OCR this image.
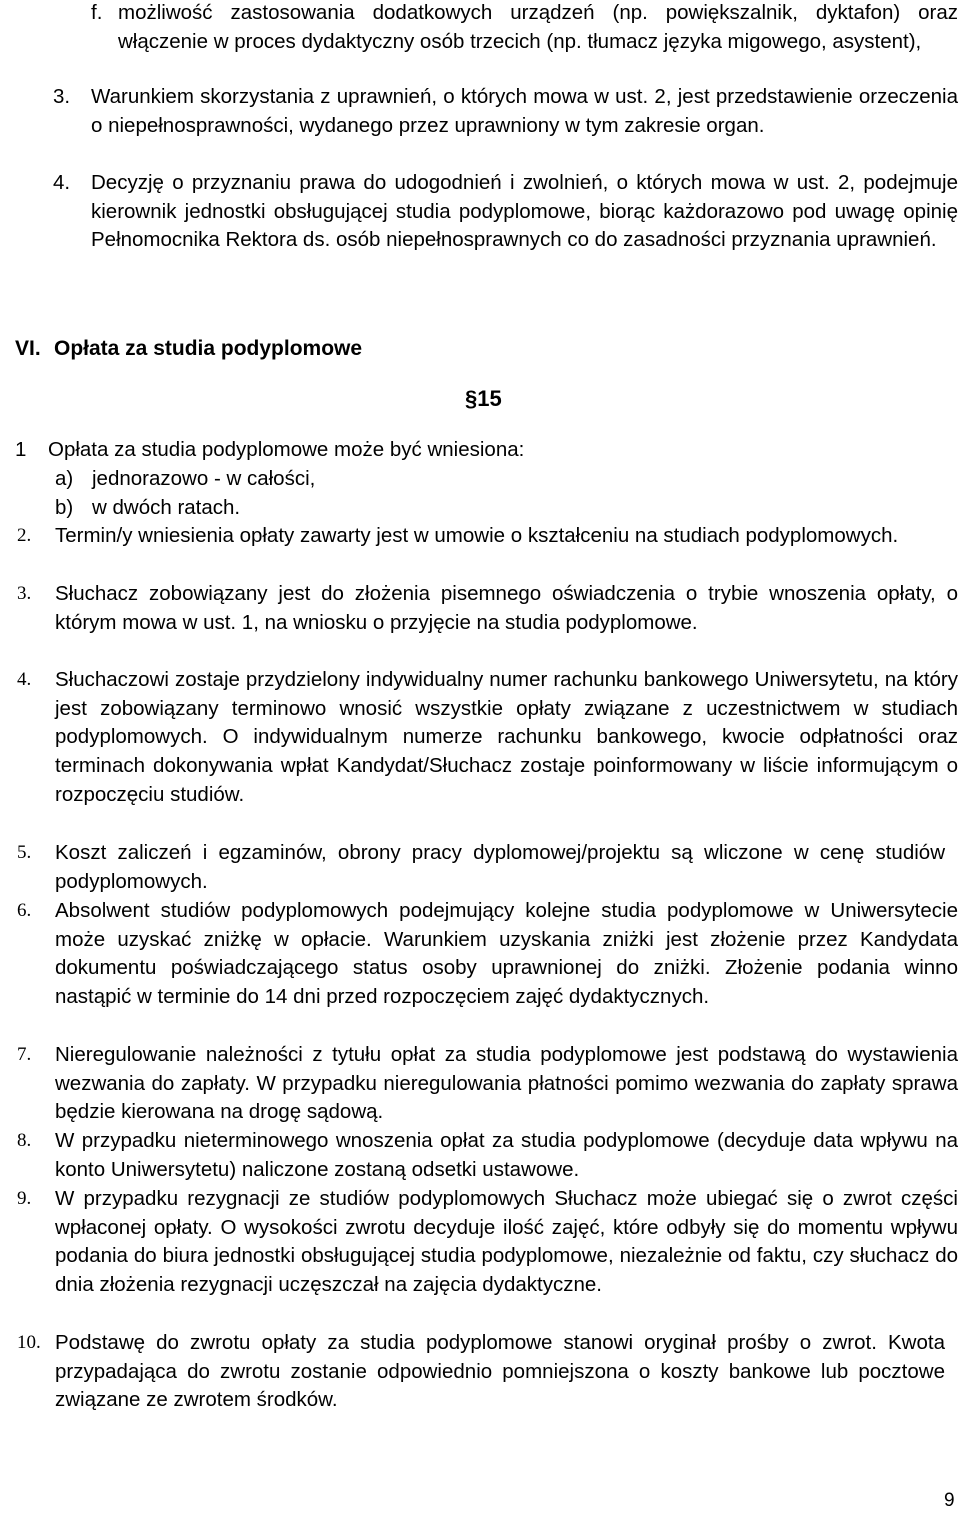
f. możliwość zastosowania dodatkowych urządzeń (np. powiększalnik, dyktafon) oraz włączenie w proces dydaktyczny osób trzecich (np. tłumacz języka migowego, asystent),

3. Warunkiem skorzystania z uprawnień, o których mowa w ust. 2, jest przedstawienie orzeczenia o niepełnosprawności, wydanego przez uprawniony w tym zakresie organ.

4. Decyzję o przyznaniu prawa do udogodnień i zwolnień, o których mowa w ust. 2, podejmuje kierownik jednostki obsługującej studia podyplomowe, biorąc każdorazowo pod uwagę opinię Pełnomocnika Rektora ds. osób niepełnosprawnych co do zasadności przyznania uprawnień.

VI. Opłata za studia podyplomowe
§15
1 Opłata za studia podyplomowe może być wniesiona:

a) jednorazowo - w całości,

b) w dwóch ratach.

2. Termin/y wniesienia opłaty zawarty jest w umowie o kształceniu na studiach podyplomowych.

3. Słuchacz zobowiązany jest do złożenia pisemnego oświadczenia o trybie wnoszenia opłaty, o którym mowa w ust. 1, na wniosku o przyjęcie na studia podyplomowe.

4. Słuchaczowi zostaje przydzielony indywidualny numer rachunku bankowego Uniwersytetu, na który jest zobowiązany terminowo wnosić wszystkie opłaty związane z uczestnictwem w studiach podyplomowych. O indywidualnym numerze rachunku bankowego, kwocie odpłatności oraz terminach dokonywania wpłat Kandydat/Słuchacz zostaje poinformowany w liście informującym o rozpoczęciu studiów.

5. Koszt zaliczeń i egzaminów, obrony pracy dyplomowej/projektu są wliczone w cenę studiów podyplomowych.

6. Absolwent studiów podyplomowych podejmujący kolejne studia podyplomowe w Uniwersytecie może uzyskać zniżkę w opłacie. Warunkiem uzyskania zniżki jest złożenie przez Kandydata dokumentu poświadczającego status osoby uprawnionej do zniżki. Złożenie podania winno nastąpić w terminie do 14 dni przed rozpoczęciem zajęć dydaktycznych.

7. Nieregulowanie należności z tytułu opłat za studia podyplomowe jest podstawą do wystawienia wezwania do zapłaty. W przypadku nieregulowania płatności pomimo wezwania do zapłaty sprawa będzie kierowana na drogę sądową.

8. W przypadku nieterminowego wnoszenia opłat za studia podyplomowe (decyduje data wpływu na konto Uniwersytetu) naliczone zostaną odsetki ustawowe.

9. W przypadku rezygnacji ze studiów podyplomowych Słuchacz może ubiegać się o zwrot części wpłaconej opłaty. O wysokości zwrotu decyduje ilość zajęć, które odbyły się do momentu wpływu podania do biura jednostki obsługującej studia podyplomowe, niezależnie od faktu, czy słuchacz do dnia złożenia rezygnacji uczęszczał na zajęcia dydaktyczne.

10. Podstawę do zwrotu opłaty za studia podyplomowe stanowi oryginał prośby o zwrot. Kwota przypadająca do zwrotu zostanie odpowiednio pomniejszona o koszty bankowe lub pocztowe związane ze zwrotem środków.

9
